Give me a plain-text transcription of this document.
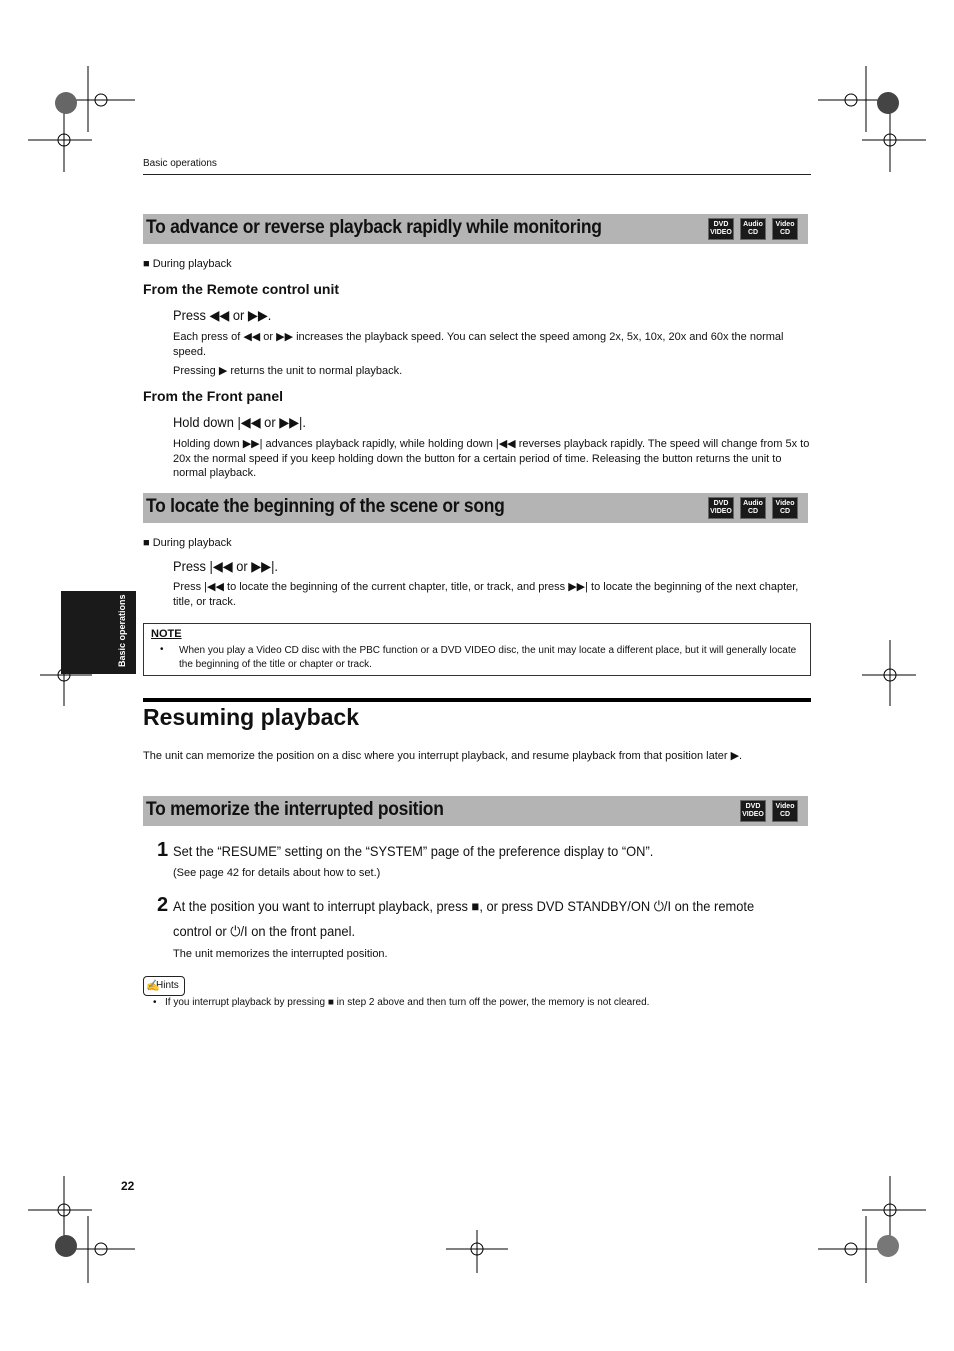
Basic operations
Basic operations
To advance or reverse playback rapidly while monitoring	DVD
VIDEO
Audio
CD
Video
CD
■ During playback
From the Remote control unit
Press ◀◀ or ▶▶.
Each press of ◀◀ or ▶▶ increases the playback speed. You can select the speed among 2x, 5x, 10x, 20x and 60x the normal speed.
Pressing ▶ returns the unit to normal playback.
From the Front panel
Hold down |◀◀ or ▶▶|.
Holding down ▶▶| advances playback rapidly, while holding down |◀◀ reverses playback rapidly. The speed will change from 5x to 20x the normal speed if you keep holding down the button for a certain period of time. Releasing the button returns the unit to normal playback.
To locate the beginning of the scene or song	DVD
VIDEO
Audio
CD
Video
CD
■ During playback
Press |◀◀ or ▶▶|.
Press |◀◀ to locate the beginning of the current chapter, title, or track, and press ▶▶| to locate the beginning of the next chapter, title, or track.
NOTE
• When you play a Video CD disc with the PBC function or a DVD VIDEO disc, the unit may locate a different place, but it will generally locate the beginning of the title or chapter or track.
Resuming playback
The unit can memorize the position on a disc where you interrupt playback, and resume playback from that position later ▶.
To memorize the interrupted position	DVD
VIDEO
Video
CD
1 Set the “RESUME” setting on the “SYSTEM” page of the preference display to “ON”.
(See page 42 for details about how to set.)
2 At the position you want to interrupt playback, press ■, or press DVD STANDBY/ON ⏻/I on the remote
control or ⏻/I on the front panel.
The unit memorizes the interrupted position.
✍
Hints
• If you interrupt playback by pressing ■ in step 2 above and then turn off the power, the memory is not cleared.
22
